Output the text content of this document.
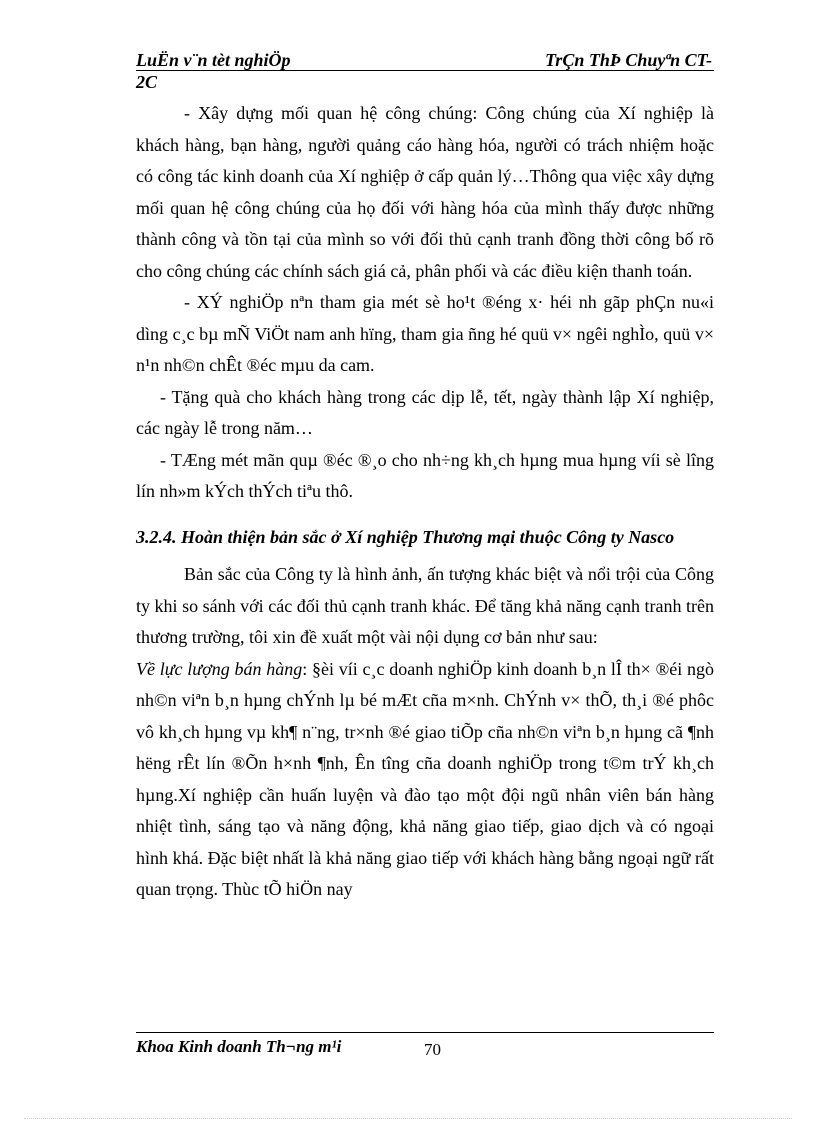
LuËn v¨n tèt nghiÖp	TrÇn ThÞ Chuyªn CT-
2C

- Xây dựng mối quan hệ công chúng: Công chúng của Xí nghiệp là khách hàng, bạn hàng, người quảng cáo hàng hóa, người có trách nhiệm hoặc có công tác kinh doanh của Xí nghiệp ở cấp quản lý…Thông qua việc xây dựng mối quan hệ công chúng của họ đối với hàng hóa của mình thấy được những thành công và tồn tại của mình so với đối thủ cạnh tranh đồng thời công bố rõ cho công chúng các chính sách giá cả, phân phối và các điều kiện thanh toán.

- XÝ nghiÖp nªn tham gia mét sè ho¹t ®éng x· héi nh gãp phÇn nu«i dìng c¸c bµ mÑ ViÖt nam anh hïng, tham gia ñng hé quü v× ngêi nghÌo, quü v× n¹n nh©n chÊt ®éc mµu da cam.

- Tặng quà cho khách hàng trong các dịp lễ, tết, ngày thành lập Xí nghiệp, các ngày lễ trong năm…

- TÆng mét mãn quµ ®éc ®¸o cho nh÷ng kh¸ch hµng mua hµng víi sè lîng lín nh»m kÝch thÝch tiªu thô.

3.2.4. Hoàn thiện bản sắc ở Xí nghiệp Thương mại thuộc Công ty Nasco

Bản sắc của Công ty là hình ảnh, ấn tượng khác biệt và nổi trội của Công ty khi so sánh với các đối thủ cạnh tranh khác. Để tăng khả năng cạnh tranh trên thương trường, tôi xin đề xuất một vài nội dụng cơ bản như sau:

Về lực lượng bán hàng: §èi víi c¸c doanh nghiÖp kinh doanh b¸n lÎ th× ®éi ngò nh©n viªn b¸n hµng chÝnh lµ bé mÆt cña m×nh. ChÝnh v× thÕ, th¸i ®é phôc vô kh¸ch hµng vµ kh¶ n¨ng, tr×nh ®é giao tiÕp cña nh©n viªn b¸n hµng cã ¶nh hëng rÊt lín ®Õn h×nh ¶nh, Ên tîng cña doanh nghiÖp trong t©m trÝ kh¸ch hµng.Xí nghiệp cần huấn luyện và đào tạo một đội ngũ nhân viên bán hàng nhiệt tình, sáng tạo và năng động, khả năng giao tiếp, giao dịch và có ngoại hình khá. Đặc biệt nhất là khả năng giao tiếp với khách hàng bằng ngoại ngữ rất quan trọng. Thùc tÕ hiÖn nay

Khoa Kinh doanh Th¬ng m¹i	70
